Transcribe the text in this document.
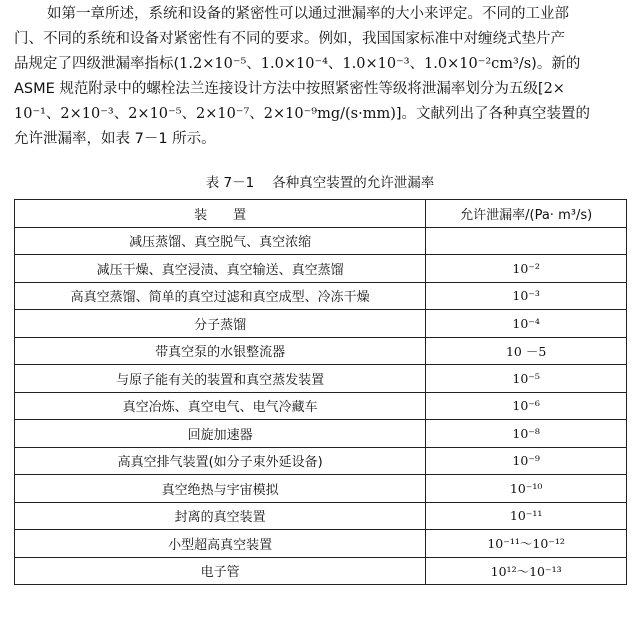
如第一章所述，系统和设备的紧密性可以通过泄漏率的大小来评定。不同的工业部
门、不同的系统和设备对紧密性有不同的要求。例如，我国国家标准中对缠绕式垫片产
品规定了四级泄漏率指标(1.2×10⁻⁵、1.0×10⁻⁴、1.0×10⁻³、1.0×10⁻²cm³/s)。新的
ASME 规范附录中的螺栓法兰连接设计方法中按照紧密性等级将泄漏率划分为五级[2×
10⁻¹、2×10⁻³、2×10⁻⁵、2×10⁻⁷、2×10⁻⁹mg/(s·mm)]。文献列出了各种真空装置的
允许泄漏率，如表 7－1 所示。
表 7－1 各种真空装置的允许泄漏率
装　　置	允许泄漏率/(Pa· m³/s)
减压蒸馏、真空脱气、真空浓缩	
减压干燥、真空浸渍、真空输送、真空蒸馏	10⁻²
高真空蒸馏、简单的真空过滤和真空成型、冷冻干燥	10⁻³
分子蒸馏	10⁻⁴
带真空泵的水银整流器	10 －5
与原子能有关的装置和真空蒸发装置	10⁻⁵
真空冶炼、真空电气、电气冷藏车	10⁻⁶
回旋加速器	10⁻⁸
高真空排气装置(如分子束外延设备)	10⁻⁹
真空绝热与宇宙模拟	10⁻¹⁰
封离的真空装置	10⁻¹¹
小型超高真空装置	10⁻¹¹～10⁻¹²
电子管	10¹²～10⁻¹³
